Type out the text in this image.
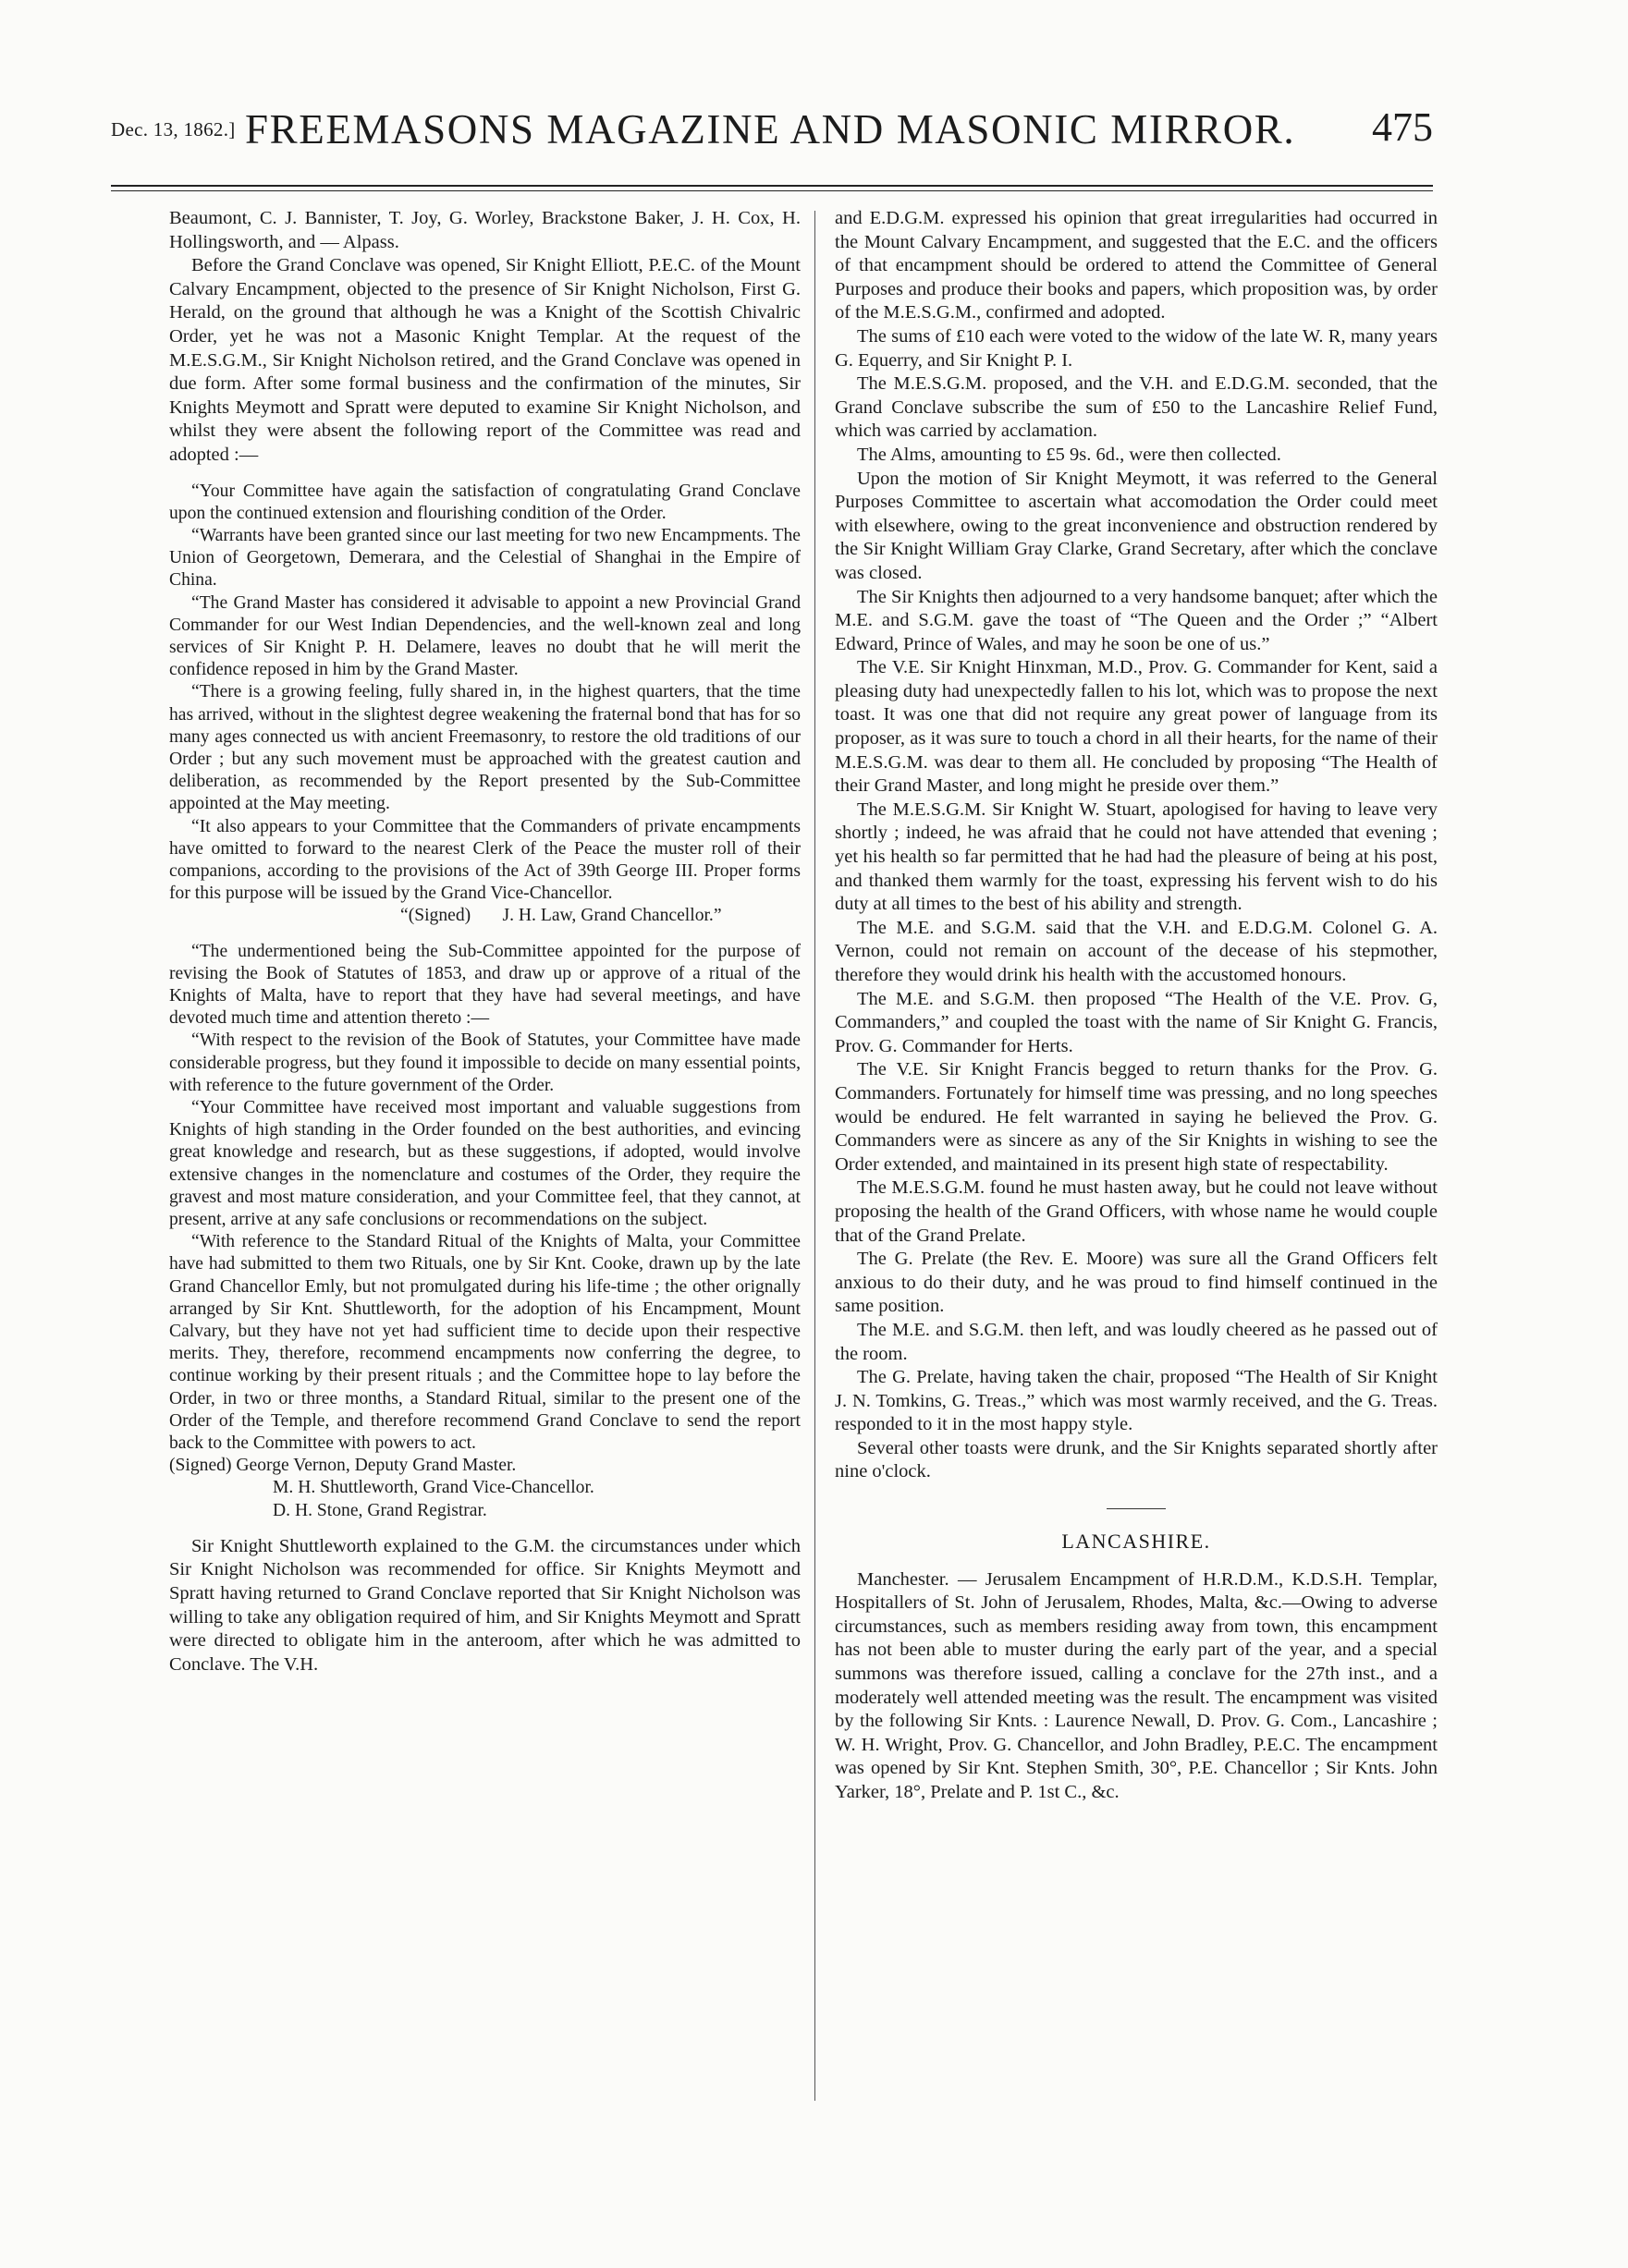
Dec. 13, 1862.] FREEMASONS MAGAZINE AND MASONIC MIRROR. 475

Beaumont, C. J. Bannister, T. Joy, G. Worley, Brackstone Baker, J. H. Cox, H. Hollingsworth, and — Alpass.

Before the Grand Conclave was opened, Sir Knight Elliott, P.E.C. of the Mount Calvary Encampment, objected to the presence of Sir Knight Nicholson, First G. Herald, on the ground that although he was a Knight of the Scottish Chivalric Order, yet he was not a Masonic Knight Templar. At the request of the M.E.S.G.M., Sir Knight Nicholson retired, and the Grand Conclave was opened in due form. After some formal business and the confirmation of the minutes, Sir Knights Meymott and Spratt were deputed to examine Sir Knight Nicholson, and whilst they were absent the following report of the Committee was read and adopted :—

“Your Committee have again the satisfaction of congratulating Grand Conclave upon the continued extension and flourishing condition of the Order.

“Warrants have been granted since our last meeting for two new Encampments. The Union of Georgetown, Demerara, and the Celestial of Shanghai in the Empire of China.

“The Grand Master has considered it advisable to appoint a new Provincial Grand Commander for our West Indian Dependencies, and the well-known zeal and long services of Sir Knight P. H. Delamere, leaves no doubt that he will merit the confidence reposed in him by the Grand Master.

“There is a growing feeling, fully shared in, in the highest quarters, that the time has arrived, without in the slightest degree weakening the fraternal bond that has for so many ages connected us with ancient Freemasonry, to restore the old traditions of our Order ; but any such movement must be approached with the greatest caution and deliberation, as recommended by the Report presented by the Sub-Committee appointed at the May meeting.

“It also appears to your Committee that the Commanders of private encampments have omitted to forward to the nearest Clerk of the Peace the muster roll of their companions, according to the provisions of the Act of 39th George III. Proper forms for this purpose will be issued by the Grand Vice-Chancellor.

“(Signed) J. H. Law, Grand Chancellor.”

“The undermentioned being the Sub-Committee appointed for the purpose of revising the Book of Statutes of 1853, and draw up or approve of a ritual of the Knights of Malta, have to report that they have had several meetings, and have devoted much time and attention thereto :—

“With respect to the revision of the Book of Statutes, your Committee have made considerable progress, but they found it impossible to decide on many essential points, with reference to the future government of the Order.

“Your Committee have received most important and valuable suggestions from Knights of high standing in the Order founded on the best authorities, and evincing great knowledge and research, but as these suggestions, if adopted, would involve extensive changes in the nomenclature and costumes of the Order, they require the gravest and most mature consideration, and your Committee feel, that they cannot, at present, arrive at any safe conclusions or recommendations on the subject.

“With reference to the Standard Ritual of the Knights of Malta, your Committee have had submitted to them two Rituals, one by Sir Knt. Cooke, drawn up by the late Grand Chancellor Emly, but not promulgated during his life-time ; the other orignally arranged by Sir Knt. Shuttleworth, for the adoption of his Encampment, Mount Calvary, but they have not yet had sufficient time to decide upon their respective merits. They, therefore, recommend encampments now conferring the degree, to continue working by their present rituals ; and the Committee hope to lay before the Order, in two or three months, a Standard Ritual, similar to the present one of the Order of the Temple, and therefore recommend Grand Conclave to send the report back to the Committee with powers to act.

(Signed) George Vernon, Deputy Grand Master.
M. H. Shuttleworth, Grand Vice-Chancellor.
D. H. Stone, Grand Registrar.

Sir Knight Shuttleworth explained to the G.M. the circumstances under which Sir Knight Nicholson was recommended for office. Sir Knights Meymott and Spratt having returned to Grand Conclave reported that Sir Knight Nicholson was willing to take any obligation required of him, and Sir Knights Meymott and Spratt were directed to obligate him in the anteroom, after which he was admitted to Conclave. The V.H.

and E.D.G.M. expressed his opinion that great irregularities had occurred in the Mount Calvary Encampment, and suggested that the E.C. and the officers of that encampment should be ordered to attend the Committee of General Purposes and produce their books and papers, which proposition was, by order of the M.E.S.G.M., confirmed and adopted.

The sums of £10 each were voted to the widow of the late W. R, many years G. Equerry, and Sir Knight P. I.

The M.E.S.G.M. proposed, and the V.H. and E.D.G.M. seconded, that the Grand Conclave subscribe the sum of £50 to the Lancashire Relief Fund, which was carried by acclamation.

The Alms, amounting to £5 9s. 6d., were then collected.

Upon the motion of Sir Knight Meymott, it was referred to the General Purposes Committee to ascertain what accomodation the Order could meet with elsewhere, owing to the great inconvenience and obstruction rendered by the Sir Knight William Gray Clarke, Grand Secretary, after which the conclave was closed.

The Sir Knights then adjourned to a very handsome banquet; after which the M.E. and S.G.M. gave the toast of “The Queen and the Order ;” “Albert Edward, Prince of Wales, and may he soon be one of us.”

The V.E. Sir Knight Hinxman, M.D., Prov. G. Commander for Kent, said a pleasing duty had unexpectedly fallen to his lot, which was to propose the next toast. It was one that did not require any great power of language from its proposer, as it was sure to touch a chord in all their hearts, for the name of their M.E.S.G.M. was dear to them all. He concluded by proposing “The Health of their Grand Master, and long might he preside over them.”

The M.E.S.G.M. Sir Knight W. Stuart, apologised for having to leave very shortly ; indeed, he was afraid that he could not have attended that evening ; yet his health so far permitted that he had had the pleasure of being at his post, and thanked them warmly for the toast, expressing his fervent wish to do his duty at all times to the best of his ability and strength.

The M.E. and S.G.M. said that the V.H. and E.D.G.M. Colonel G. A. Vernon, could not remain on account of the decease of his stepmother, therefore they would drink his health with the accustomed honours.

The M.E. and S.G.M. then proposed “The Health of the V.E. Prov. G, Commanders,” and coupled the toast with the name of Sir Knight G. Francis, Prov. G. Commander for Herts.

The V.E. Sir Knight Francis begged to return thanks for the Prov. G. Commanders. Fortunately for himself time was pressing, and no long speeches would be endured. He felt warranted in saying he believed the Prov. G. Commanders were as sincere as any of the Sir Knights in wishing to see the Order extended, and maintained in its present high state of respectability.

The M.E.S.G.M. found he must hasten away, but he could not leave without proposing the health of the Grand Officers, with whose name he would couple that of the Grand Prelate.

The G. Prelate (the Rev. E. Moore) was sure all the Grand Officers felt anxious to do their duty, and he was proud to find himself continued in the same position.

The M.E. and S.G.M. then left, and was loudly cheered as he passed out of the room.

The G. Prelate, having taken the chair, proposed “The Health of Sir Knight J. N. Tomkins, G. Treas.,” which was most warmly received, and the G. Treas. responded to it in the most happy style.

Several other toasts were drunk, and the Sir Knights separated shortly after nine o'clock.

LANCASHIRE.

Manchester. — Jerusalem Encampment of H.R.D.M., K.D.S.H. Templar, Hospitallers of St. John of Jerusalem, Rhodes, Malta, &c.—Owing to adverse circumstances, such as members residing away from town, this encampment has not been able to muster during the early part of the year, and a special summons was therefore issued, calling a conclave for the 27th inst., and a moderately well attended meeting was the result. The encampment was visited by the following Sir Knts. : Laurence Newall, D. Prov. G. Com., Lancashire ; W. H. Wright, Prov. G. Chancellor, and John Bradley, P.E.C. The encampment was opened by Sir Knt. Stephen Smith, 30°, P.E. Chancellor ; Sir Knts. John Yarker, 18°, Prelate and P. 1st C., &c.
